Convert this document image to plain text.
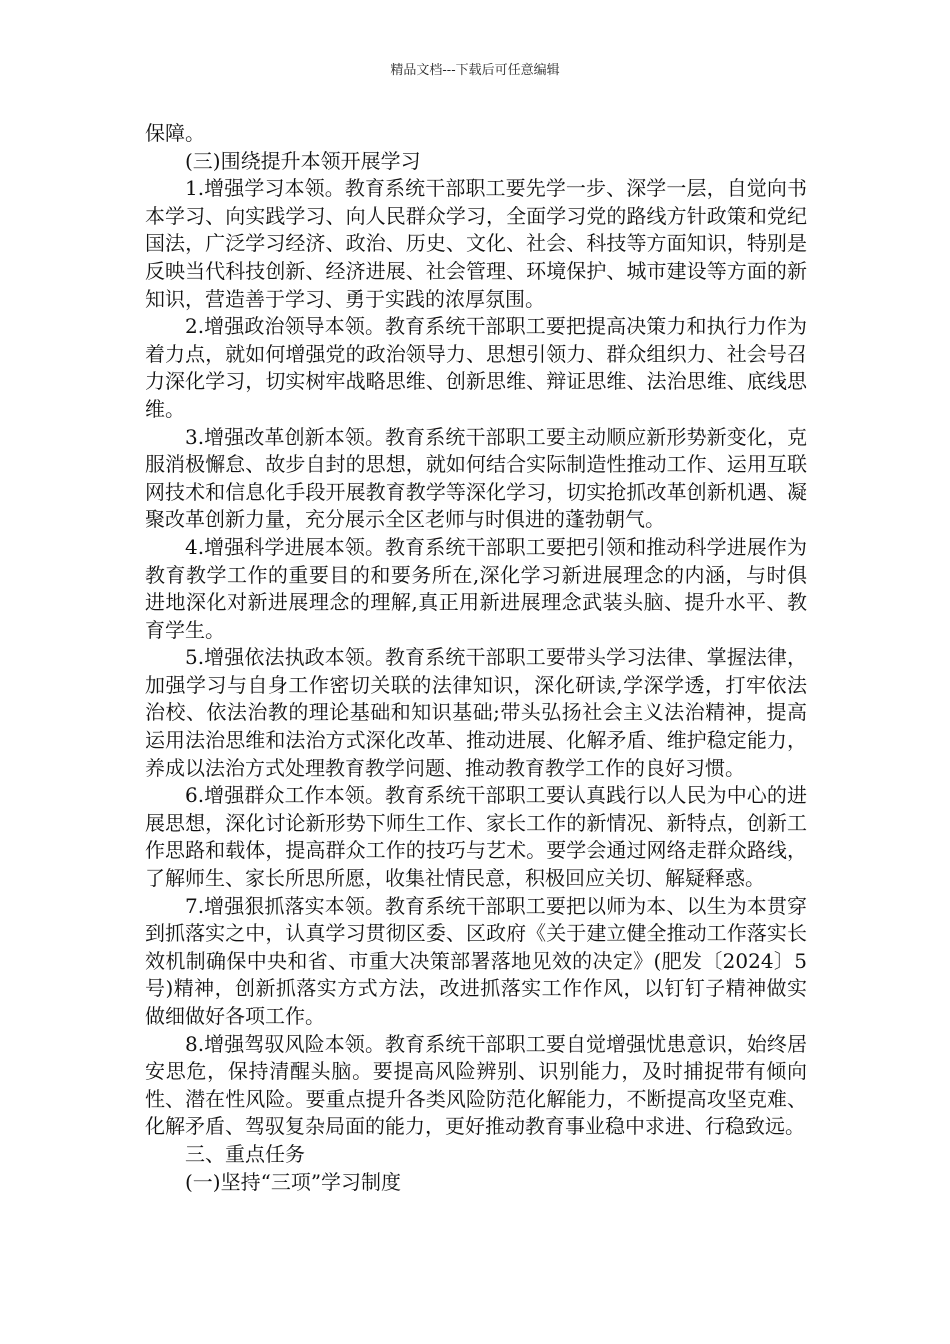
精品文档---下载后可任意编辑

保障。

(三)围绕提升本领开展学习

1.增强学习本领。教育系统干部职工要先学一步、深学一层，自觉向书本学习、向实践学习、向人民群众学习，全面学习党的路线方针政策和党纪国法，广泛学习经济、政治、历史、文化、社会、科技等方面知识，特别是反映当代科技创新、经济进展、社会管理、环境保护、城市建设等方面的新知识，营造善于学习、勇于实践的浓厚氛围。

2.增强政治领导本领。教育系统干部职工要把提高决策力和执行力作为着力点，就如何增强党的政治领导力、思想引领力、群众组织力、社会号召力深化学习，切实树牢战略思维、创新思维、辩证思维、法治思维、底线思维。

3.增强改革创新本领。教育系统干部职工要主动顺应新形势新变化，克服消极懈怠、故步自封的思想，就如何结合实际制造性推动工作、运用互联网技术和信息化手段开展教育教学等深化学习，切实抢抓改革创新机遇、凝聚改革创新力量，充分展示全区老师与时俱进的蓬勃朝气。

4.增强科学进展本领。教育系统干部职工要把引领和推动科学进展作为教育教学工作的重要目的和要务所在,深化学习新进展理念的内涵，与时俱进地深化对新进展理念的理解,真正用新进展理念武装头脑、提升水平、教育学生。

5.增强依法执政本领。教育系统干部职工要带头学习法律、掌握法律，加强学习与自身工作密切关联的法律知识，深化研读,学深学透，打牢依法治校、依法治教的理论基础和知识基础;带头弘扬社会主义法治精神，提高运用法治思维和法治方式深化改革、推动进展、化解矛盾、维护稳定能力，养成以法治方式处理教育教学问题、推动教育教学工作的良好习惯。

6.增强群众工作本领。教育系统干部职工要认真践行以人民为中心的进展思想，深化讨论新形势下师生工作、家长工作的新情况、新特点，创新工作思路和载体，提高群众工作的技巧与艺术。要学会通过网络走群众路线，了解师生、家长所思所愿，收集社情民意，积极回应关切、解疑释惑。

7.增强狠抓落实本领。教育系统干部职工要把以师为本、以生为本贯穿到抓落实之中，认真学习贯彻区委、区政府《关于建立健全推动工作落实长效机制确保中央和省、市重大决策部署落地见效的决定》(肥发〔2024〕5号)精神，创新抓落实方式方法，改进抓落实工作作风，以钉钉子精神做实做细做好各项工作。

8.增强驾驭风险本领。教育系统干部职工要自觉增强忧患意识，始终居安思危，保持清醒头脑。要提高风险辨别、识别能力，及时捕捉带有倾向性、潜在性风险。要重点提升各类风险防范化解能力，不断提高攻坚克难、化解矛盾、驾驭复杂局面的能力，更好推动教育事业稳中求进、行稳致远。

三、重点任务

(一)坚持“三项”学习制度
